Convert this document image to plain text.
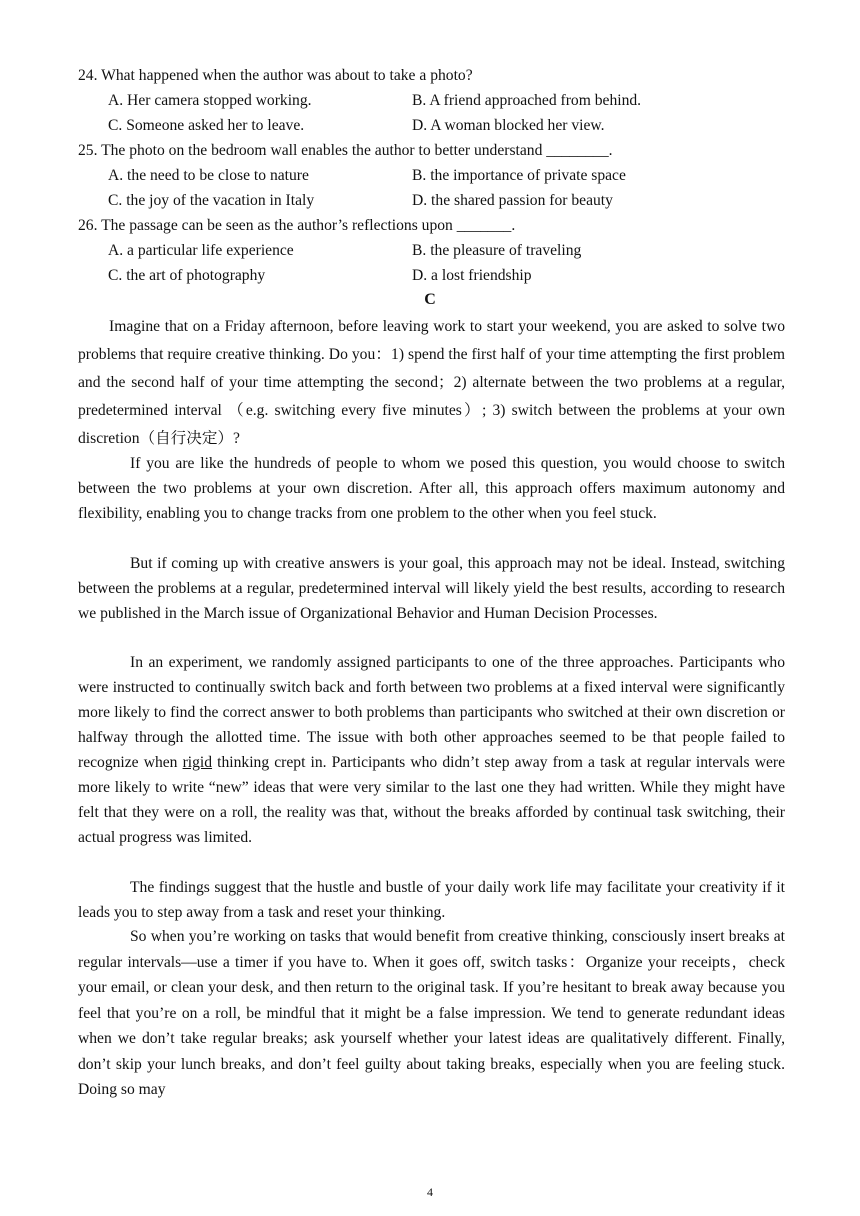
24. What happened when the author was about to take a photo?
A. Her camera stopped working.	B. A friend approached from behind.
C. Someone asked her to leave.	D. A woman blocked her view.
25. The photo on the bedroom wall enables the author to better understand ________.
A. the need to be close to nature	B. the importance of private space
C. the joy of the vacation in Italy	D. the shared passion for beauty
26. The passage can be seen as the author’s reflections upon _______.
A. a particular life experience	B. the pleasure of traveling
C. the art of photography	D. a lost friendship
C

Imagine that on a Friday afternoon, before leaving work to start your weekend, you are asked to solve two problems that require creative thinking. Do you：1) spend the first half of your time attempting the first problem and the second half of your time attempting the second；2) alternate between the two problems at a regular, predetermined interval （e.g. switching every five minutes）; 3) switch between the problems at your own discretion（自行决定）?

If you are like the hundreds of people to whom we posed this question, you would choose to switch between the two problems at your own discretion. After all, this approach offers maximum autonomy and flexibility, enabling you to change tracks from one problem to the other when you feel stuck.

But if coming up with creative answers is your goal, this approach may not be ideal. Instead, switching between the problems at a regular, predetermined interval will likely yield the best results, according to research we published in the March issue of Organizational Behavior and Human Decision Processes.

In an experiment, we randomly assigned participants to one of the three approaches. Participants who were instructed to continually switch back and forth between two problems at a fixed interval were significantly more likely to find the correct answer to both problems than participants who switched at their own discretion or halfway through the allotted time. The issue with both other approaches seemed to be that people failed to recognize when rigid thinking crept in. Participants who didn’t step away from a task at regular intervals were more likely to write “new” ideas that were very similar to the last one they had written. While they might have felt that they were on a roll, the reality was that, without the breaks afforded by continual task switching, their actual progress was limited.

The findings suggest that the hustle and bustle of your daily work life may facilitate your creativity if it leads you to step away from a task and reset your thinking.

So when you’re working on tasks that would benefit from creative thinking, consciously insert breaks at regular intervals—use a timer if you have to. When it goes off, switch tasks：Organize your receipts，check your email, or clean your desk, and then return to the original task. If you’re hesitant to break away because you feel that you’re on a roll, be mindful that it might be a false impression. We tend to generate redundant ideas when we don’t take regular breaks; ask yourself whether your latest ideas are qualitatively different. Finally, don’t skip your lunch breaks, and don’t feel guilty about taking breaks, especially when you are feeling stuck. Doing so may

4
